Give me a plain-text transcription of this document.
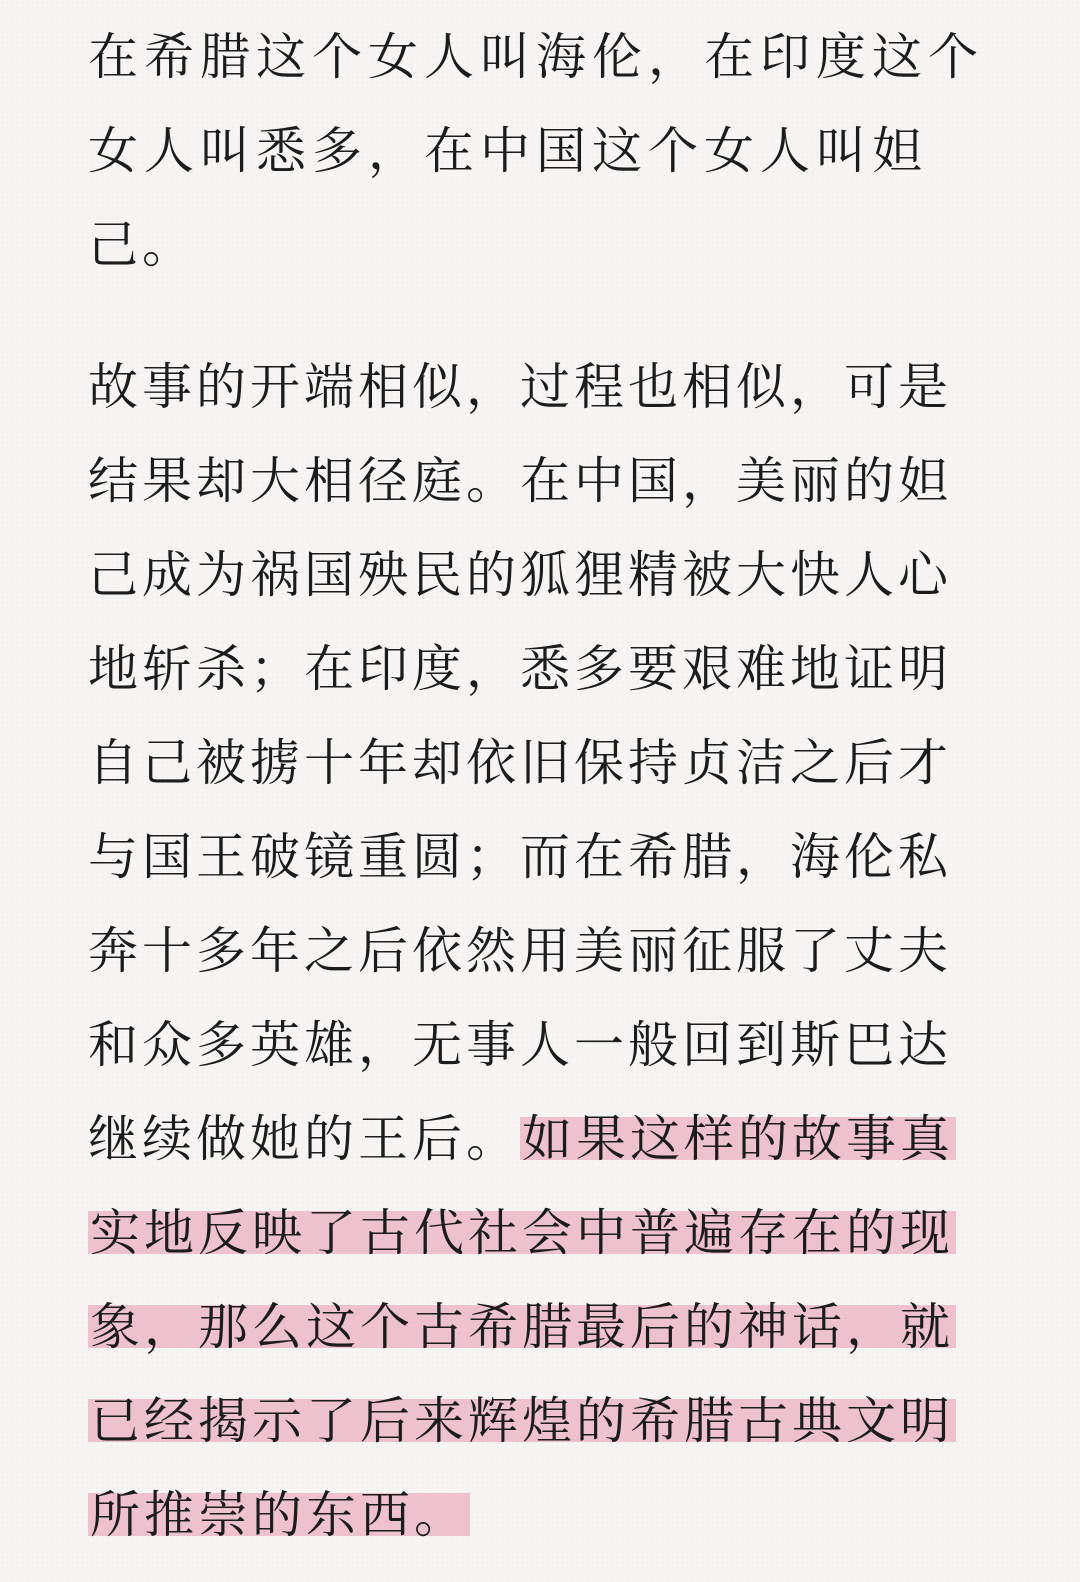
在希腊这个女人叫海伦，在印度这个
女人叫悉多，在中国这个女人叫妲
己。
故事的开端相似，过程也相似，可是
结果却大相径庭。在中国，美丽的妲
己成为祸国殃民的狐狸精被大快人心
地斩杀；在印度，悉多要艰难地证明
自己被掳十年却依旧保持贞洁之后才
与国王破镜重圆；而在希腊，海伦私
奔十多年之后依然用美丽征服了丈夫
和众多英雄，无事人一般回到斯巴达
继续做她的王后。如果这样的故事真
实地反映了古代社会中普遍存在的现
象，那么这个古希腊最后的神话，就
已经揭示了后来辉煌的希腊古典文明
所推崇的东西。
